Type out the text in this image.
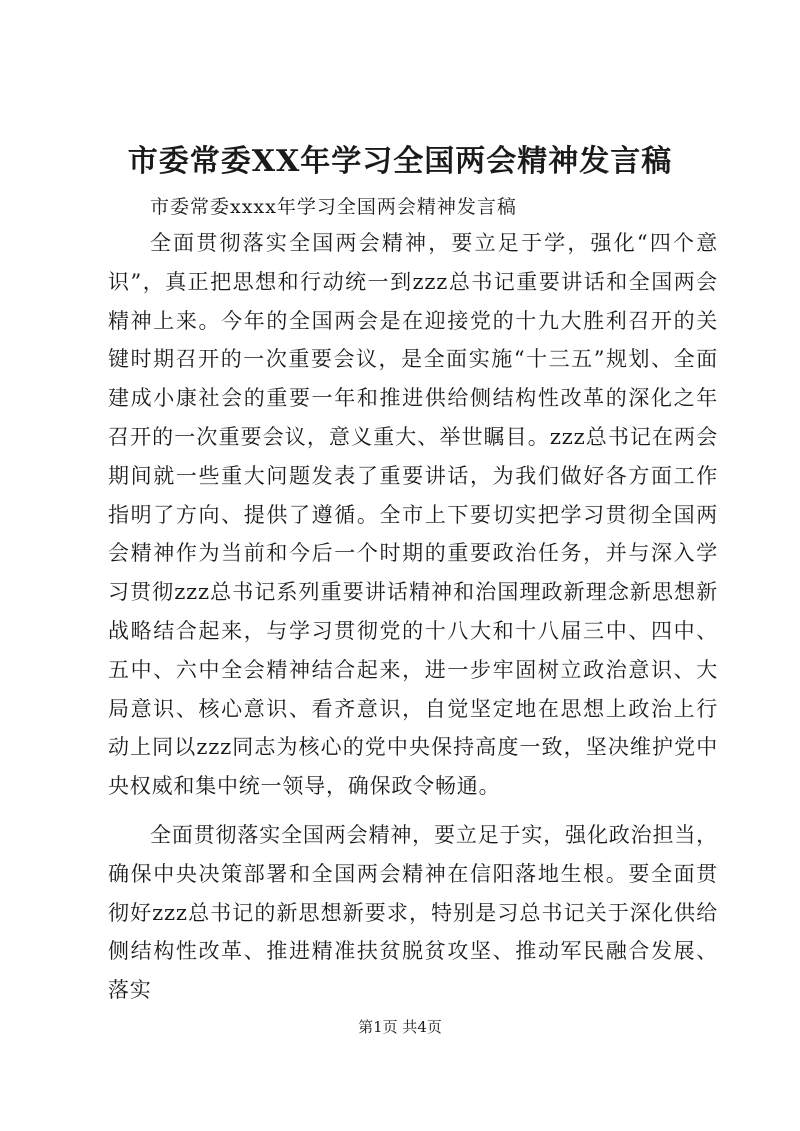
市委常委XX年学习全国两会精神发言稿
市委常委xxxx年学习全国两会精神发言稿

全面贯彻落实全国两会精神，要立足于学，强化“四个意识”，真正把思想和行动统一到zzz总书记重要讲话和全国两会精神上来。今年的全国两会是在迎接党的十九大胜利召开的关键时期召开的一次重要会议，是全面实施“十三五”规划、全面建成小康社会的重要一年和推进供给侧结构性改革的深化之年召开的一次重要会议，意义重大、举世瞩目。zzz总书记在两会期间就一些重大问题发表了重要讲话，为我们做好各方面工作指明了方向、提供了遵循。全市上下要切实把学习贯彻全国两会精神作为当前和今后一个时期的重要政治任务，并与深入学习贯彻zzz总书记系列重要讲话精神和治国理政新理念新思想新战略结合起来，与学习贯彻党的十八大和十八届三中、四中、五中、六中全会精神结合起来，进一步牢固树立政治意识、大局意识、核心意识、看齐意识，自觉坚定地在思想上政治上行动上同以zzz同志为核心的党中央保持高度一致，坚决维护党中央权威和集中统一领导，确保政令畅通。

全面贯彻落实全国两会精神，要立足于实，强化政治担当，确保中央决策部署和全国两会精神在信阳落地生根。要全面贯彻好zzz总书记的新思想新要求，特别是习总书记关于深化供给侧结构性改革、推进精准扶贫脱贫攻坚、推动军民融合发展、落实

第1页 共4页
